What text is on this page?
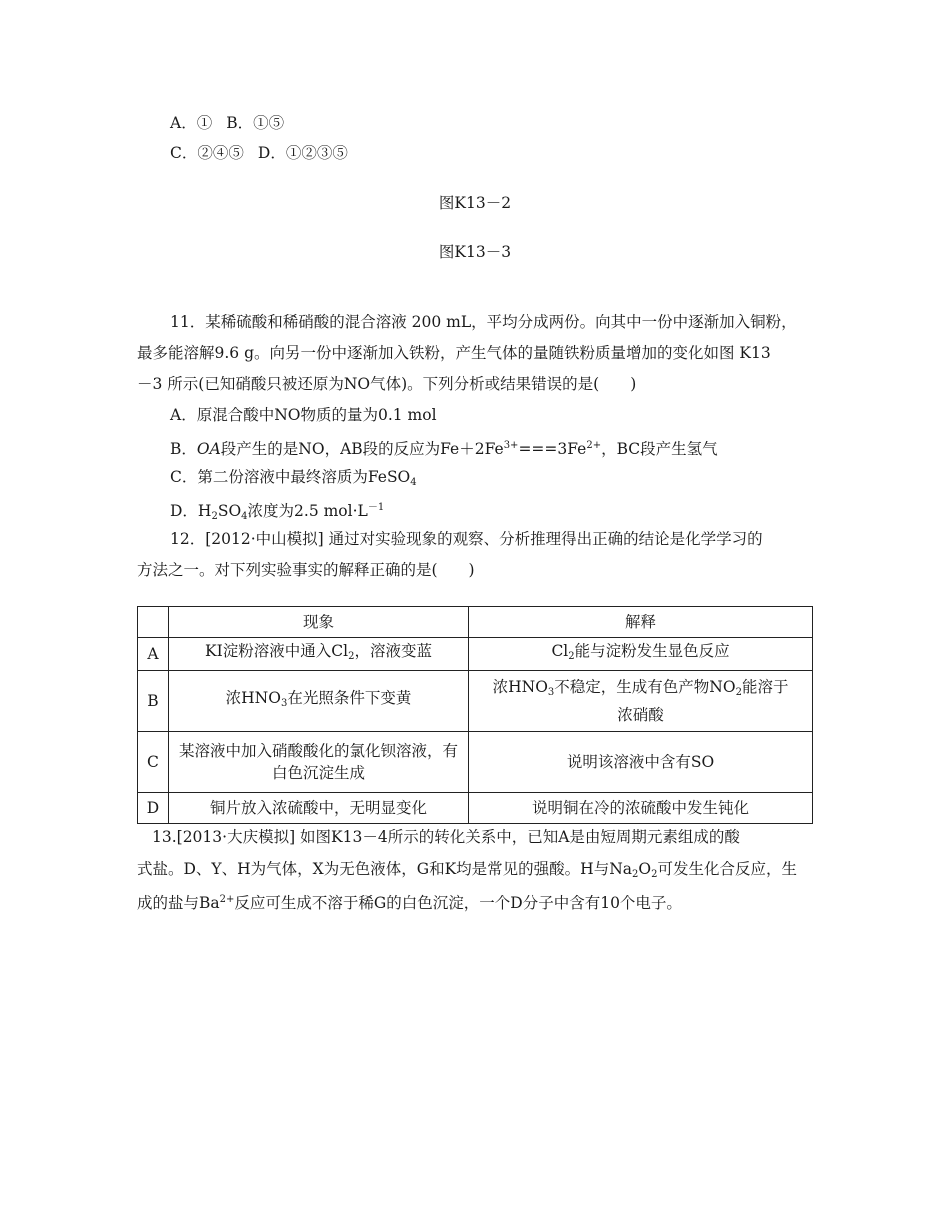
A．① B．①⑤
C．②④⑤ D．①②③⑤
图K13－2
图K13－3
11．某稀硫酸和稀硝酸的混合溶液 200 mL，平均分成两份。向其中一份中逐渐加入铜粉，
最多能溶解9.6 g。向另一份中逐渐加入铁粉，产生气体的量随铁粉质量增加的变化如图 K13
－3 所示(已知硝酸只被还原为NO气体)。下列分析或结果错误的是(　　)
A．原混合酸中NO物质的量为0.1 mol
B．OA段产生的是NO，AB段的反应为$Fe+2Fe^{3+}===3Fe^{2+}$，BC段产生氢气
C．第二份溶液中最终溶质为FeSO$_4$
D．$H_2SO_4$浓度为2.5 $mol\cdot L^{-1}$
12．[2012·中山模拟] 通过对实验现象的观察、分析推理得出正确的结论是化学学习的
方法之一。对下列实验事实的解释正确的是(　　)
	现象	解释
A	KI淀粉溶液中通入$Cl_2$，溶液变蓝	$Cl_2$能与淀粉发生显色反应
B	浓$HNO_3$在光照条件下变黄	浓$HNO_3$不稳定，生成有色产物$NO_2$能溶于
浓硝酸
C	某溶液中加入硝酸酸化的氯化钡溶液，有
白色沉淀生成	说明该溶液中含有SO
D	铜片放入浓硫酸中，无明显变化	说明铜在冷的浓硫酸中发生钝化
13.[2013·大庆模拟] 如图K13－4所示的转化关系中，已知A是由短周期元素组成的酸
式盐。D、Y、H为气体，X为无色液体，G和K均是常见的强酸。H与$Na_2O_2$可发生化合反应，生
成的盐与$Ba^{2+}$反应可生成不溶于稀G的白色沉淀，一个D分子中含有10个电子。
